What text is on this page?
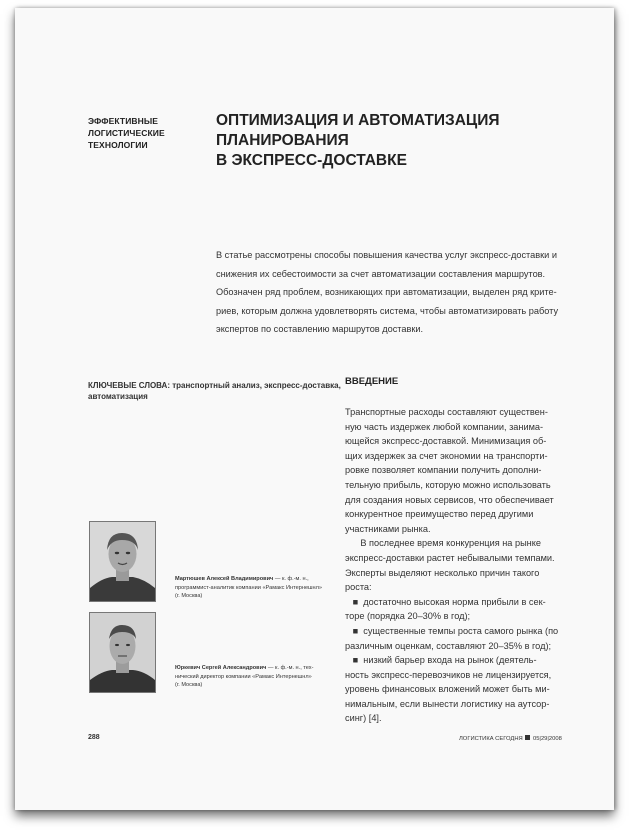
ЭФФЕКТИВНЫЕ
ЛОГИСТИЧЕСКИЕ
ТЕХНОЛОГИИ
ОПТИМИЗАЦИЯ И АВТОМАТИЗАЦИЯ
ПЛАНИРОВАНИЯ
В ЭКСПРЕСС-ДОСТАВКЕ
В статье рассмотрены способы повышения качества услуг экспресс-доставки и
снижения их себестоимости за счет автоматизации составления маршрутов.
Обозначен ряд проблем, возникающих при автоматизации, выделен ряд крите-
риев, которым должна удовлетворять система, чтобы автоматизировать работу
экспертов по составлению маршрутов доставки.
КЛЮЧЕВЫЕ СЛОВА: транспортный анализ, экспресс-доставка,
автоматизация
ВВЕДЕНИЕ
Транспортные расходы составляют существен-
ную часть издержек любой компании, занима-
ющейся экспресс-доставкой. Минимизация об-
щих издержек за счет экономии на транспорти-
ровке позволяет компании получить дополни-
тельную прибыль, которую можно использовать
для создания новых сервисов, что обеспечивает
конкурентное преимущество перед другими
участниками рынка.
В последнее время конкуренция на рынке
экспресс-доставки растет небывалыми темпами.
Эксперты выделяют несколько причин такого
роста:
■  достаточно высокая норма прибыли в сек-
тоpe (порядка 20–30% в год);
■  существенные темпы роста самого рынка (по
различным оценкам, составляют 20–35% в год);
■  низкий барьер входа на рынок (деятель-
ность экспресс-перевозчиков не лицензируется,
уровень финансовых вложений может быть ми-
нимальным, если вынести логистику на аутсор-
синг) [4].
Мартюшев Алексей Владимирович — к. ф.-м. н.,
программист-аналитик компании «Рамакс Интернешнл»
(г. Москва)
Юркевич Сергей Александрович — к. ф.-м. н., тех-
нический директор компании «Рамакс Интернешнл»
(г. Москва)
288	ЛОГИСТИКА СЕГОДНЯ 05|29|2008
